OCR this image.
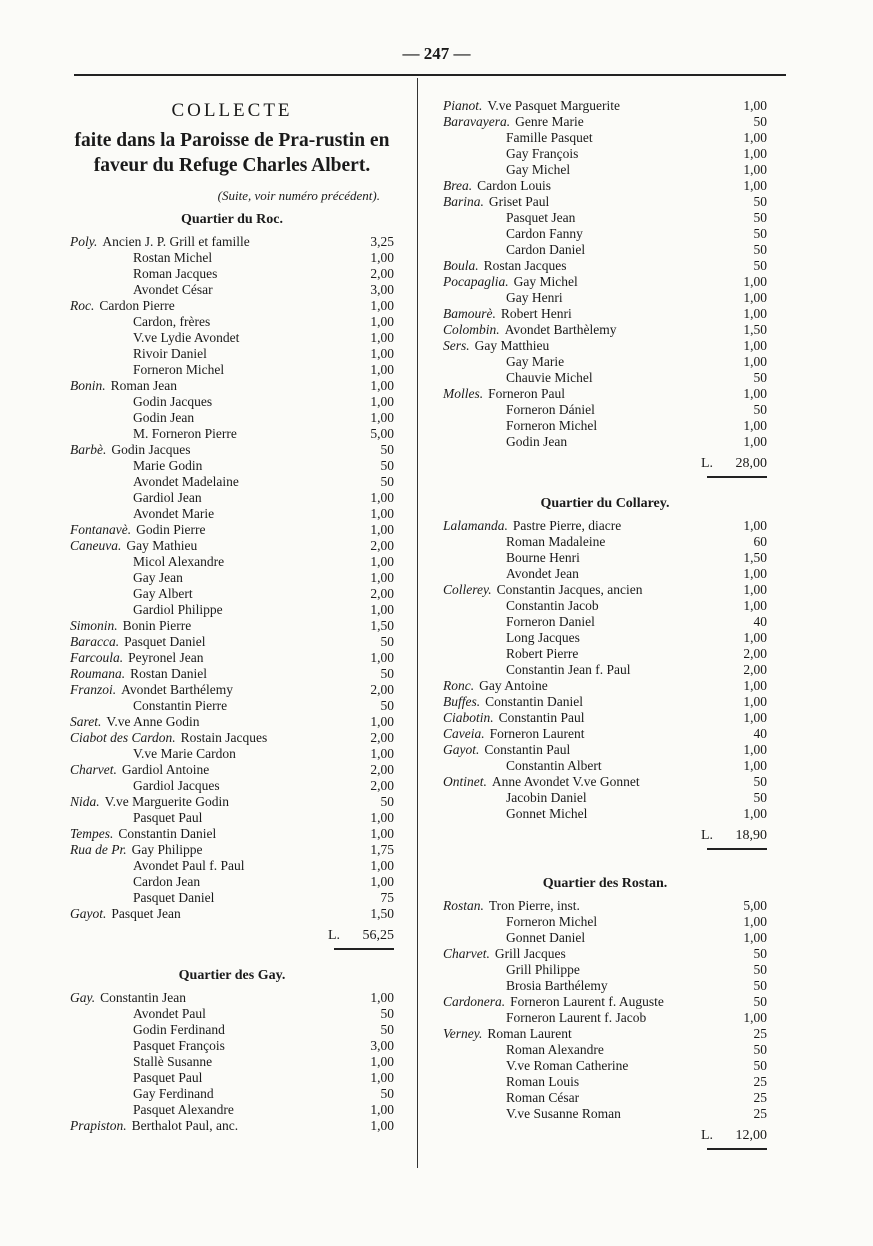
— 247 —
COLLECTE

faite dans la Paroisse de Pra-rustin en faveur du Refuge Charles Albert.

(Suite, voir numéro précédent).
Quartier du Roc.
Poly. Ancien J. P. Grill et famille	3,25
Rostan Michel	1,00
Roman Jacques	2,00
Avondet César	3,00
Roc. Cardon Pierre	1,00
Cardon, frères	1,00
V.ve Lydie Avondet	1,00
Rivoir Daniel	1,00
Forneron Michel	1,00
Bonin. Roman Jean	1,00
Godin Jacques	1,00
Godin Jean	1,00
M. Forneron Pierre	5,00
Barbè. Godin Jacques	50
Marie Godin	50
Avondet Madelaine	50
Gardiol Jean	1,00
Avondet Marie	1,00
Fontanavè. Godin Pierre	1,00
Caneuva. Gay Mathieu	2,00
Micol Alexandre	1,00
Gay Jean	1,00
Gay Albert	2,00
Gardiol Philippe	1,00
Simonin. Bonin Pierre	1,50
Baracca. Pasquet Daniel	50
Farcoula. Peyronel Jean	1,00
Roumana. Rostan Daniel	50
Franzoi. Avondet Barthélemy	2,00
Constantin Pierre	50
Saret. V.ve Anne Godin	1,00
Ciabot des Cardon. Rostain Jacques	2,00
V.ve Marie Cardon	1,00
Charvet. Gardiol Antoine	2,00
Gardiol Jacques	2,00
Nida. V.ve Marguerite Godin	50
Pasquet Paul	1,00
Tempes. Constantin Daniel	1,00
Rua de Pr. Gay Philippe	1,75
Avondet Paul f. Paul	1,00
Cardon Jean	1,00
Pasquet Daniel	75
Gayot. Pasquet Jean	1,50
L.	56,25
Quartier des Gay.
Gay. Constantin Jean	1,00
Avondet Paul	50
Godin Ferdinand	50
Pasquet François	3,00
Stallè Susanne	1,00
Pasquet Paul	1,00
Gay Ferdinand	50
Pasquet Alexandre	1,00
Prapiston. Berthalot Paul, anc.	1,00
Pianot. V.ve Pasquet Marguerite	1,00
Baravayera. Genre Marie	50
Famille Pasquet	1,00
Gay François	1,00
Gay Michel	1,00
Brea. Cardon Louis	1,00
Barina. Griset Paul	50
Pasquet Jean	50
Cardon Fanny	50
Cardon Daniel	50
Boula. Rostan Jacques	50
Pocapaglia. Gay Michel	1,00
Gay Henri	1,00
Bamourè. Robert Henri	1,00
Colombin. Avondet Barthèlemy	1,50
Sers. Gay Matthieu	1,00
Gay Marie	1,00
Chauvie Michel	50
Molles. Forneron Paul	1,00
Forneron Dániel	50
Forneron Michel	1,00
Godin Jean	1,00
L.	28,00
Quartier du Collarey.
Lalamanda. Pastre Pierre, diacre	1,00
Roman Madaleine	60
Bourne Henri	1,50
Avondet Jean	1,00
Collerey. Constantin Jacques, ancien	1,00
Constantin Jacob	1,00
Forneron Daniel	40
Long Jacques	1,00
Robert Pierre	2,00
Constantin Jean f. Paul	2,00
Ronc. Gay Antoine	1,00
Buffes. Constantin Daniel	1,00
Ciabotin. Constantin Paul	1,00
Caveia. Forneron Laurent	40
Gayot. Constantin Paul	1,00
Constantin Albert	1,00
Ontinet. Anne Avondet V.ve Gonnet	50
Jacobin Daniel	50
Gonnet Michel	1,00
L.	18,90
Quartier des Rostan.
Rostan. Tron Pierre, inst.	5,00
Forneron Michel	1,00
Gonnet Daniel	1,00
Charvet. Grill Jacques	50
Grill Philippe	50
Brosia Barthélemy	50
Cardonera. Forneron Laurent f. Auguste	50
Forneron Laurent f. Jacob	1,00
Verney. Roman Laurent	25
Roman Alexandre	50
V.ve Roman Catherine	50
Roman Louis	25
Roman César	25
V.ve Susanne Roman	25
L.	12,00
